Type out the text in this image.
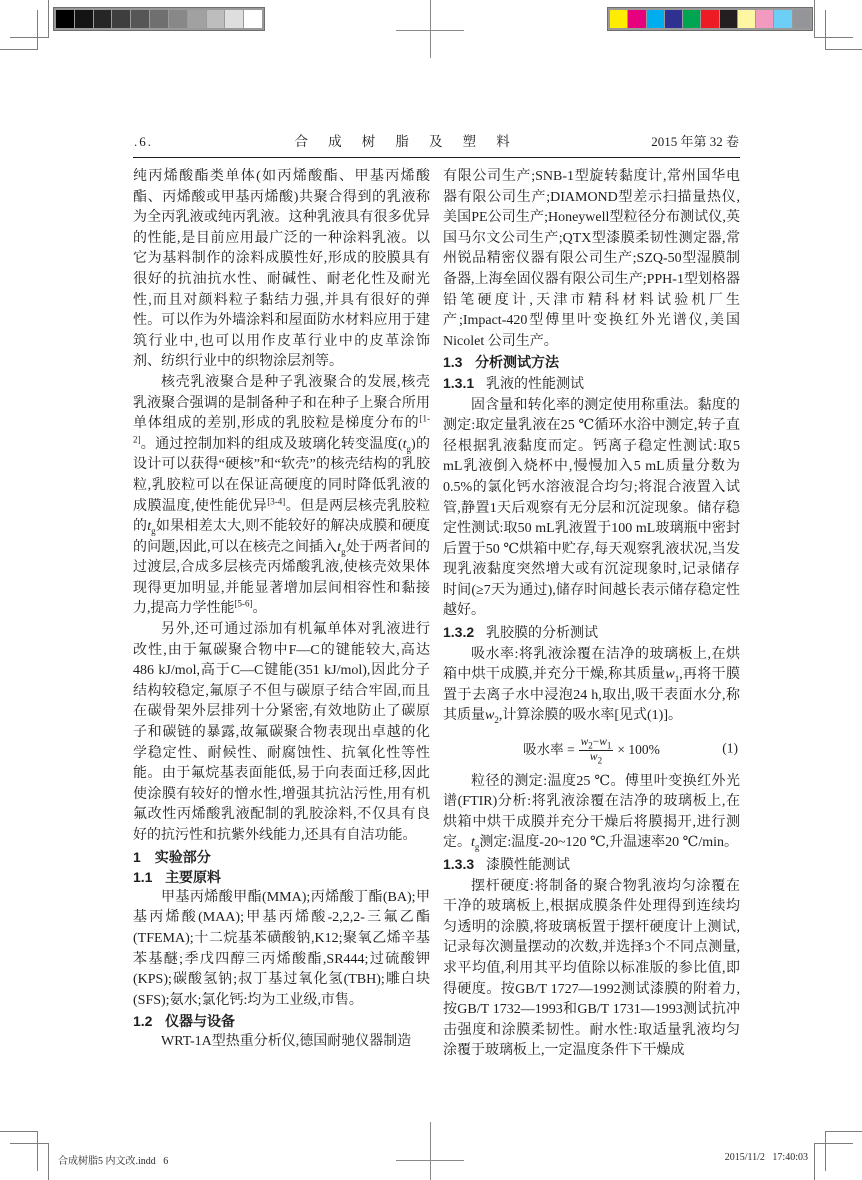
.6.	合 成 树 脂 及 塑 料	2015 年第 32 卷

纯丙烯酸酯类单体(如丙烯酸酯、甲基丙烯酸酯、丙烯酸或甲基丙烯酸)共聚合得到的乳液称为全丙乳液或纯丙乳液。这种乳液具有很多优异的性能,是目前应用最广泛的一种涂料乳液。以它为基料制作的涂料成膜性好,形成的胶膜具有很好的抗油抗水性、耐碱性、耐老化性及耐光性,而且对颜料粒子黏结力强,并具有很好的弹性。可以作为外墙涂料和屋面防水材料应用于建筑行业中,也可以用作皮革行业中的皮革涂饰剂、纺织行业中的织物涂层剂等。

核壳乳液聚合是种子乳液聚合的发展,核壳乳液聚合强调的是制备种子和在种子上聚合所用单体组成的差别,形成的乳胶粒是梯度分布的[1-2]。通过控制加料的组成及玻璃化转变温度$(t_g)$的设计可以获得“硬核”和“软壳”的核壳结构的乳胶粒,乳胶粒可以在保证高硬度的同时降低乳液的成膜温度,使性能优异[3-4]。但是两层核壳乳胶粒的$t_g$如果相差太大,则不能较好的解决成膜和硬度的问题,因此,可以在核壳之间插入$t_g$处于两者间的过渡层,合成多层核壳丙烯酸乳液,使核壳效果体现得更加明显,并能显著增加层间相容性和黏接力,提高力学性能[5-6]。

另外,还可通过添加有机氟单体对乳液进行改性,由于氟碳聚合物中F—C的键能较大,高达486 kJ/mol,高于C—C键能(351 kJ/mol),因此分子结构较稳定,氟原子不但与碳原子结合牢固,而且在碳骨架外层排列十分紧密,有效地防止了碳原子和碳链的暴露,故氟碳聚合物表现出卓越的化学稳定性、耐候性、耐腐蚀性、抗氧化性等性能。由于氟烷基表面能低,易于向表面迁移,因此使涂膜有较好的憎水性,增强其抗沾污性,用有机氟改性丙烯酸乳液配制的乳胶涂料,不仅具有良好的抗污性和抗紫外线能力,还具有自洁功能。

1 实验部分

1.1 主要原料

甲基丙烯酸甲酯(MMA);丙烯酸丁酯(BA);甲基丙烯酸(MAA);甲基丙烯酸-2,2,2-三氟乙酯(TFEMA);十二烷基苯磺酸钠,K12;聚氧乙烯辛基苯基醚;季戊四醇三丙烯酸酯,SR444;过硫酸钾(KPS);碳酸氢钠;叔丁基过氧化氢(TBH);雕白块(SFS);氨水;氯化钙:均为工业级,市售。

1.2 仪器与设备

WRT-1A型热重分析仪,德国耐驰仪器制造

有限公司生产;SNB-1型旋转黏度计,常州国华电器有限公司生产;DIAMOND型差示扫描量热仪,美国PE公司生产;Honeywell型粒径分布测试仪,英国马尔文公司生产;QTX型漆膜柔韧性测定器,常州锐品精密仪器有限公司生产;SZQ-50型湿膜制备器,上海垒固仪器有限公司生产;PPH-1型划格器铅笔硬度计,天津市精科材料试验机厂生产;Impact-420型傅里叶变换红外光谱仪,美国Nicolet 公司生产。

1.3 分析测试方法

1.3.1 乳液的性能测试

固含量和转化率的测定使用称重法。黏度的测定:取定量乳液在25 ℃循环水浴中测定,转子直径根据乳液黏度而定。钙离子稳定性测试:取5 mL乳液倒入烧杯中,慢慢加入5 mL质量分数为0.5%的氯化钙水溶液混合均匀;将混合液置入试管,静置1天后观察有无分层和沉淀现象。储存稳定性测试:取50 mL乳液置于100 mL玻璃瓶中密封后置于50 ℃烘箱中贮存,每天观察乳液状况,当发现乳液黏度突然增大或有沉淀现象时,记录储存时间(≥7天为通过),储存时间越长表示储存稳定性越好。

1.3.2 乳胶膜的分析测试

吸水率:将乳液涂覆在洁净的玻璃板上,在烘箱中烘干成膜,并充分干燥,称其质量$w_1$,再将干膜置于去离子水中浸泡24 h,取出,吸干表面水分,称其质量$w_2$,计算涂膜的吸水率[见式(1)]。

吸水率 = $\frac{w_2-w_1}{w_2} \times 100\%$	(1)

粒径的测定:温度25 ℃。傅里叶变换红外光谱(FTIR)分析:将乳液涂覆在洁净的玻璃板上,在烘箱中烘干成膜并充分干燥后将膜揭开,进行测定。$t_g$测定:温度-20~120 ℃,升温速率20 ℃/min。

1.3.3 漆膜性能测试

摆杆硬度:将制备的聚合物乳液均匀涂覆在干净的玻璃板上,根据成膜条件处理得到连续均匀透明的涂膜,将玻璃板置于摆杆硬度计上测试,记录每次测量摆动的次数,并选择3个不同点测量,求平均值,利用其平均值除以标准版的参比值,即得硬度。按GB/T 1727—1992测试漆膜的附着力,按GB/T 1732—1993和GB/T 1731—1993测试抗冲击强度和涂膜柔韧性。耐水性:取适量乳液均匀涂覆于玻璃板上,一定温度条件下干燥成

合成树脂5 内文改.indd   6	2015/11/2   17:40:03
